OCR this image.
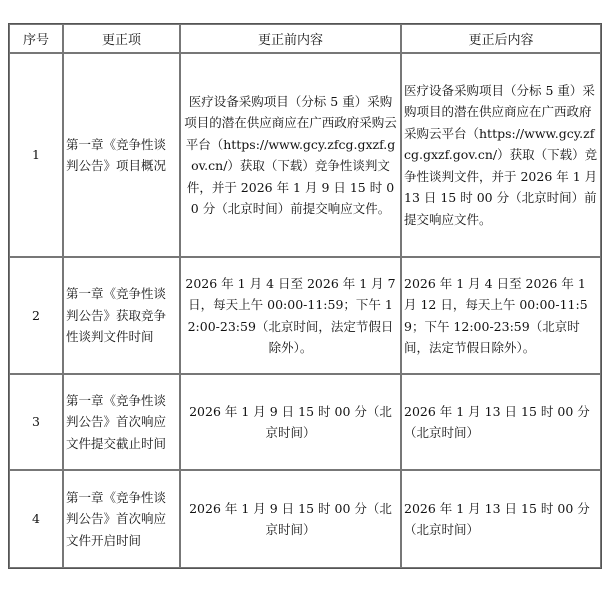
序号	更正项	更正前内容	更正后内容
1	第一章《竞争性谈判公告》项目概况	医疗设备采购项目（分标 5 重）采购项目的潜在供应商应在广西政府采购云平台（https://www.gcy.zfcg.gxzf.gov.cn/）获取（下载）竞争性谈判文件，并于 2026 年 1 月 9 日 15 时 00 分（北京时间）前提交响应文件。	医疗设备采购项目（分标 5 重）采购项目的潜在供应商应在广西政府采购云平台（https://www.gcy.zfcg.gxzf.gov.cn/）获取（下载）竞争性谈判文件，并于 2026 年 1 月 13 日 15 时 00 分（北京时间）前提交响应文件。
2	第一章《竞争性谈判公告》获取竞争性谈判文件时间	2026 年 1 月 4 日至 2026 年 1 月 7 日，每天上午 00:00-11:59；下午 12:00-23:59（北京时间，法定节假日除外）。	2026 年 1 月 4 日至 2026 年 1 月 12 日，每天上午 00:00-11:59；下午 12:00-23:59（北京时间，法定节假日除外）。
3	第一章《竞争性谈判公告》首次响应文件提交截止时间	2026 年 1 月 9 日 15 时 00 分（北京时间）	2026 年 1 月 13 日 15 时 00 分（北京时间）
4	第一章《竞争性谈判公告》首次响应文件开启时间	2026 年 1 月 9 日 15 时 00 分（北京时间）	2026 年 1 月 13 日 15 时 00 分（北京时间）
